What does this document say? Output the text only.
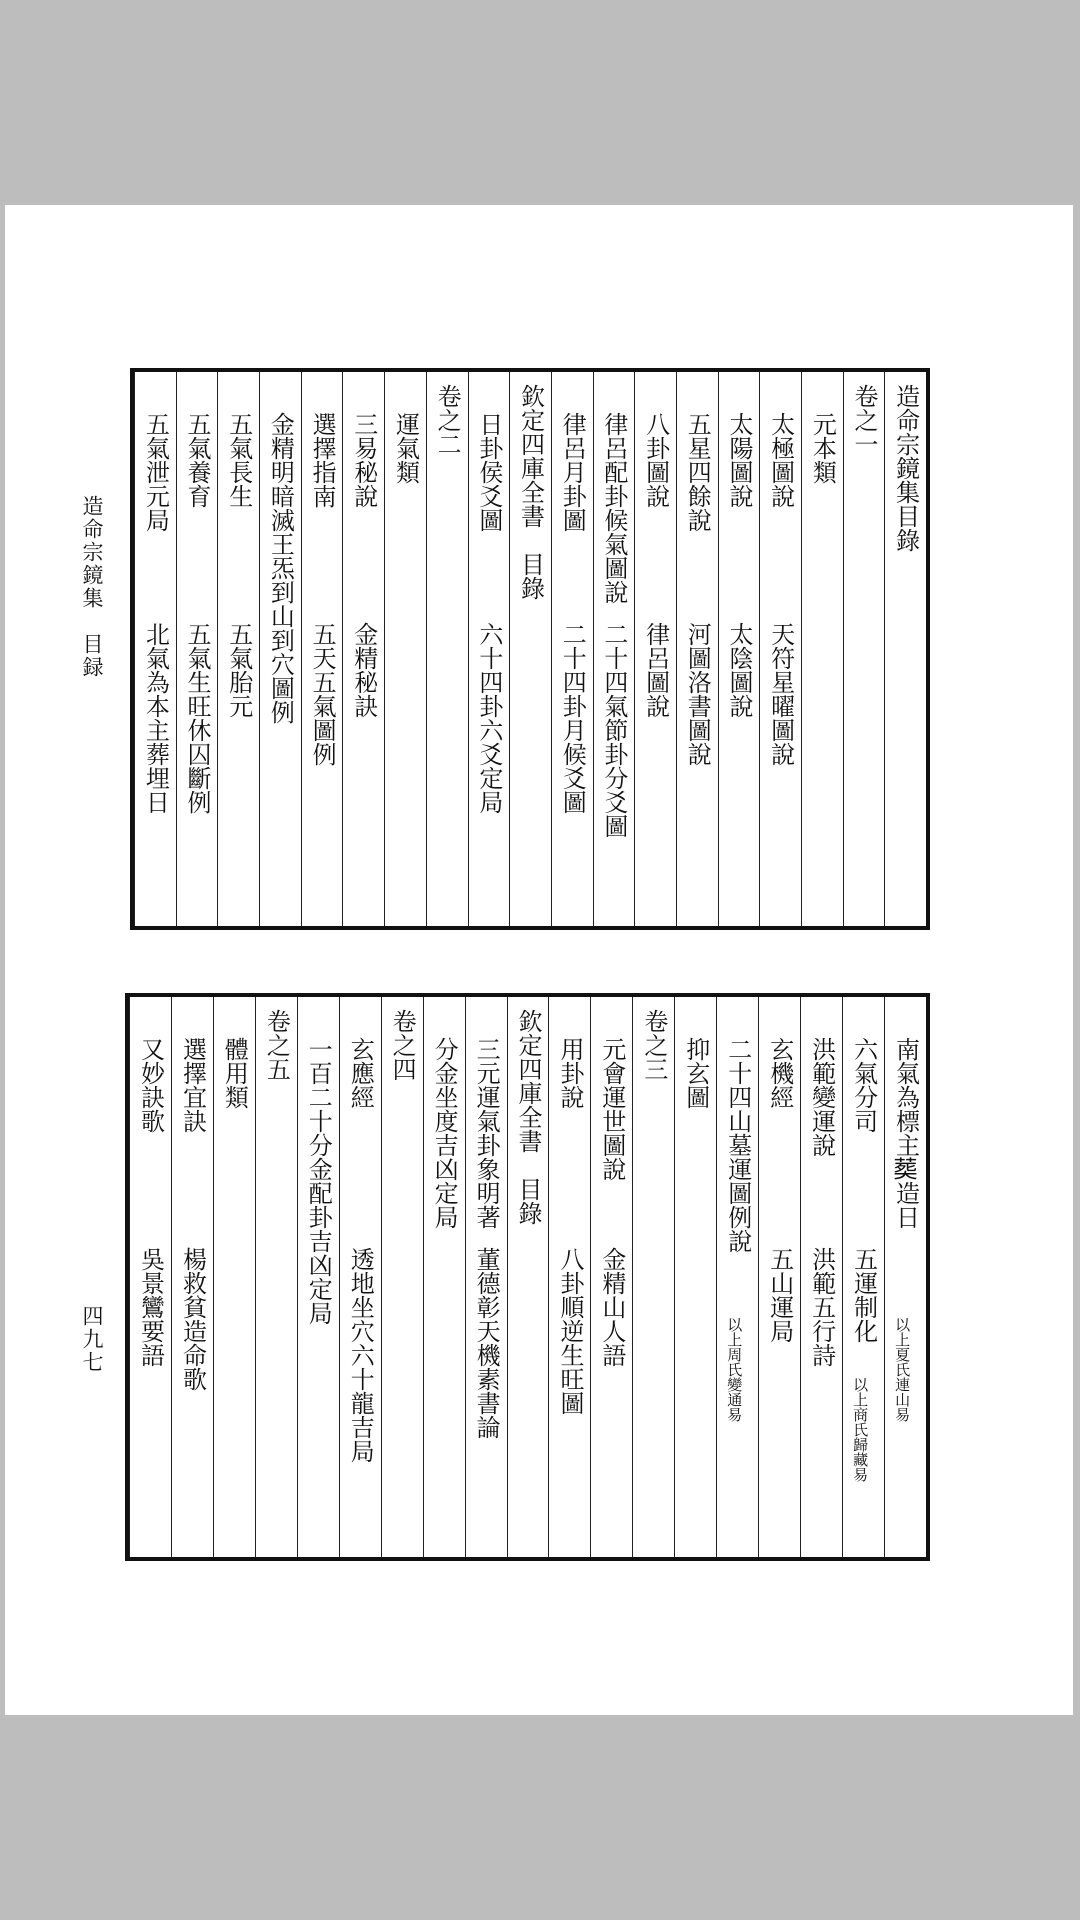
造命宗鏡集　目録
四九七
造命宗鏡集目錄
卷之一
元本類
太極圖說
天符星曜圖說
太陽圖說
太陰圖說
五星四餘說
河圖洛書圖說
八卦圖說
律呂圖說
律呂配卦候氣圖說
二十四氣節卦分爻圖
律呂月卦圖
二十四卦月候爻圖
欽定四庫全書　目錄
日卦侯爻圖
六十四卦六爻定局
卷之二
運氣類
三易秘說
金精秘訣
選擇指南
五天五氣圖例
金精明暗滅王炁到山到穴圖例
五氣長生
五氣胎元
五氣養育
五氣生旺休囚斷例
五氣泄元局
北氣為本主葬埋日
南氣為標主𦵏造日
以上夏氏連山易
六氣分司
五運制化
以上商氏歸藏易
洪範變運說
洪範五行詩
玄機經
五山運局
二十四山墓運圖例說
以上周氏變通易
抑玄圖
卷之三
元會運世圖說
金精山人語
用卦說
八卦順逆生旺圖
欽定四庫全書　目錄
三元運氣卦象明著
董德彰天機素書論
分金坐度吉凶定局
卷之四
玄應經
透地坐穴六十龍吉局
一百二十分金配卦吉凶定局
卷之五
體用類
選擇宜訣
楊救貧造命歌
又妙訣歌
吳景鸞要語
